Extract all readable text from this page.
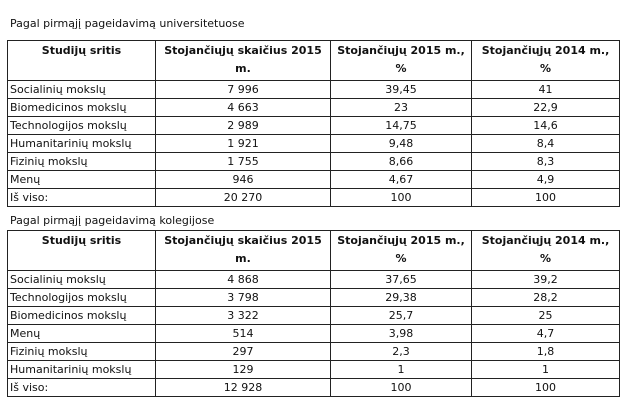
Pagal pirmąjį pageidavimą universitetuose
Studijų sritis	Stojančiųjų skaičius 2015 m.	Stojančiųjų 2015 m., %	Stojančiųjų 2014 m., %
Socialinių mokslų	7 996	39,45	41
Biomedicinos mokslų	4 663	23	22,9
Technologijos mokslų	2 989	14,75	14,6
Humanitarinių mokslų	1 921	9,48	8,4
Fizinių mokslų	1 755	8,66	8,3
Menų	946	4,67	4,9
Iš viso:	20 270	100	100
Pagal pirmąjį pageidavimą kolegijose
Studijų sritis	Stojančiųjų skaičius 2015 m.	Stojančiųjų 2015 m., %	Stojančiųjų 2014 m., %
Socialinių mokslų	4 868	37,65	39,2
Technologijos mokslų	3 798	29,38	28,2
Biomedicinos mokslų	3 322	25,7	25
Menų	514	3,98	4,7
Fizinių mokslų	297	2,3	1,8
Humanitarinių mokslų	129	1	1
Iš viso:	12 928	100	100
